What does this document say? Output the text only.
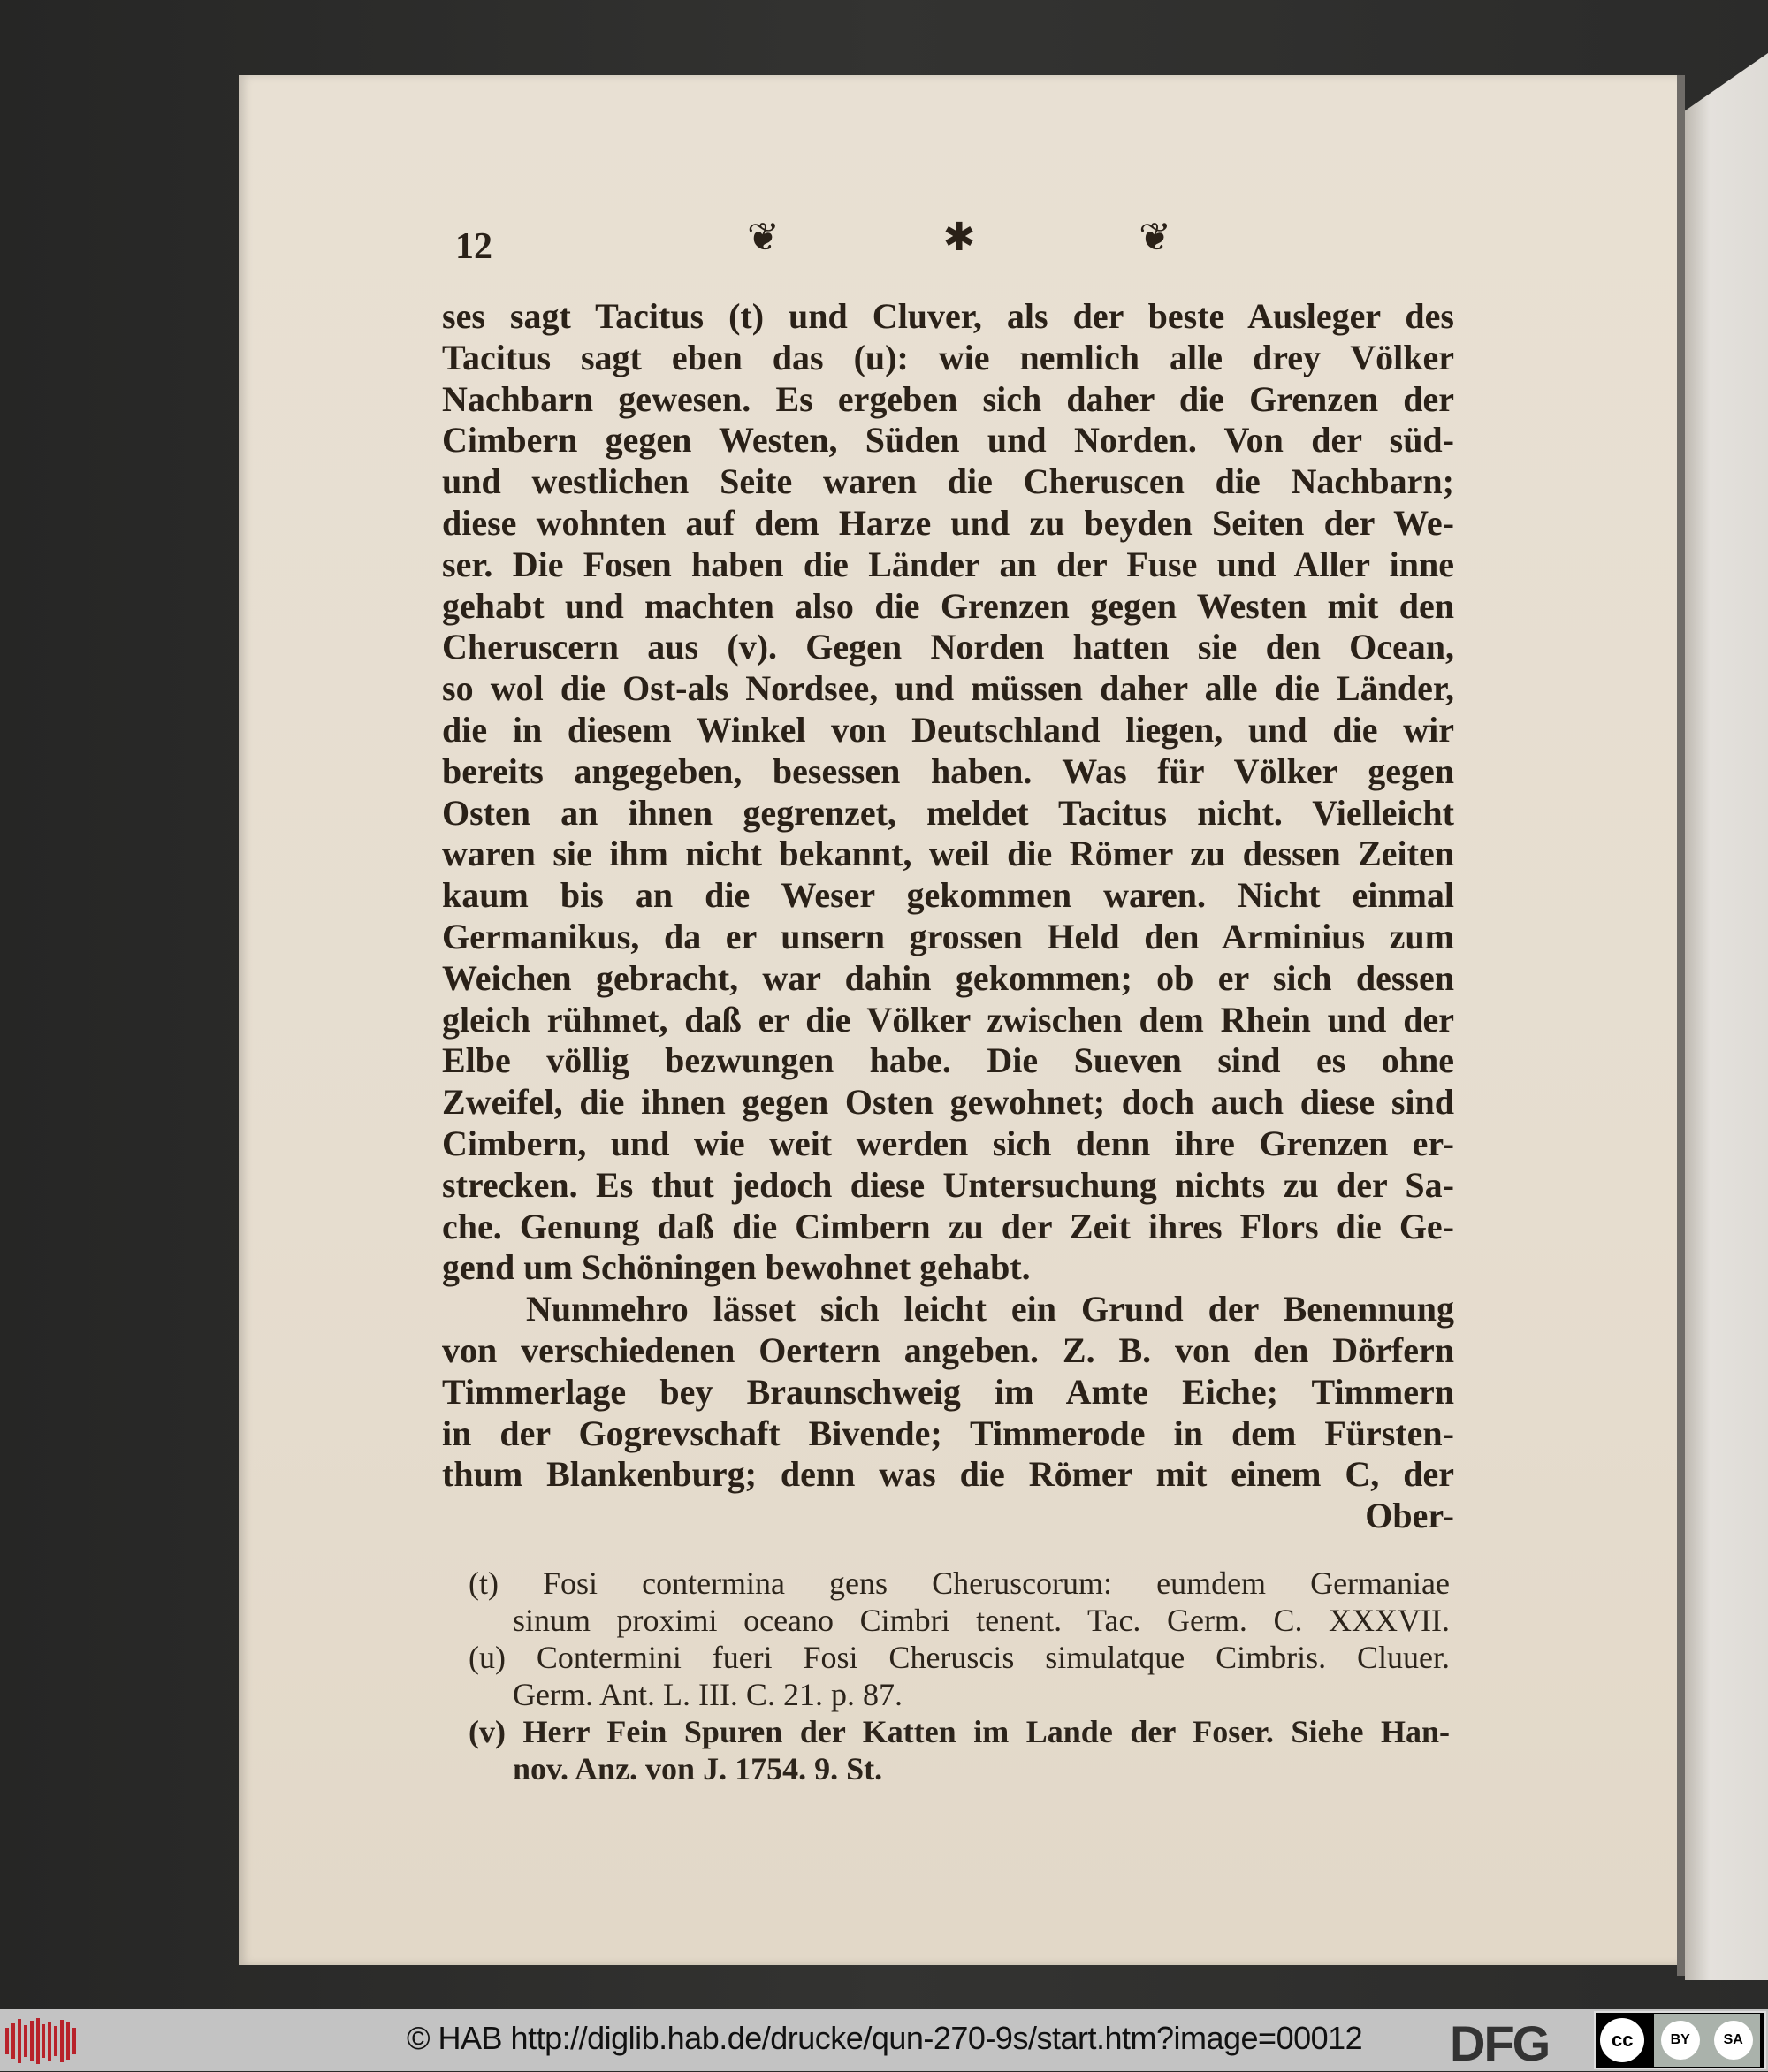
12	❦	✱	❦
ses sagt Tacitus (t) und Cluver, als der beste Ausleger des
Tacitus sagt eben das (u): wie nemlich alle drey Völker
Nachbarn gewesen. Es ergeben sich daher die Grenzen der
Cimbern gegen Westen, Süden und Norden. Von der süd-
und westlichen Seite waren die Cheruscen die Nachbarn;
diese wohnten auf dem Harze und zu beyden Seiten der We-
ser. Die Fosen haben die Länder an der Fuse und Aller inne
gehabt und machten also die Grenzen gegen Westen mit den
Cheruscern aus (v). Gegen Norden hatten sie den Ocean,
so wol die Ost-als Nordsee, und müssen daher alle die Länder,
die in diesem Winkel von Deutschland liegen, und die wir
bereits angegeben, besessen haben. Was für Völker gegen
Osten an ihnen gegrenzet, meldet Tacitus nicht. Vielleicht
waren sie ihm nicht bekannt, weil die Römer zu dessen Zeiten
kaum bis an die Weser gekommen waren. Nicht einmal
Germanikus, da er unsern grossen Held den Arminius zum
Weichen gebracht, war dahin gekommen; ob er sich dessen
gleich rühmet, daß er die Völker zwischen dem Rhein und der
Elbe völlig bezwungen habe. Die Sueven sind es ohne
Zweifel, die ihnen gegen Osten gewohnet; doch auch diese sind
Cimbern, und wie weit werden sich denn ihre Grenzen er-
strecken. Es thut jedoch diese Untersuchung nichts zu der Sa-
che. Genung daß die Cimbern zu der Zeit ihres Flors die Ge-
gend um Schöningen bewohnet gehabt.
Nunmehro lässet sich leicht ein Grund der Benennung
von verschiedenen Oertern angeben. Z. B. von den Dörfern
Timmerlage bey Braunschweig im Amte Eiche; Timmern
in der Gogrevschaft Bivende; Timmerode in dem Fürsten-
thum Blankenburg; denn was die Römer mit einem C, der
Ober-
(t) Fosi contermina gens Cheruscorum: eumdem Germaniae
sinum proximi oceano Cimbri tenent. Tac. Germ. C. XXXVII.
(u) Contermini fueri Fosi Cheruscis simulatque Cimbris. Cluuer.
Germ. Ant. L. III. C. 21. p. 87.
(v) Herr Fein Spuren der Katten im Lande der Foser. Siehe Han-
nov. Anz. von J. 1754. 9. St.
© HAB http://diglib.hab.de/drucke/qun-270-9s/start.htm?image=00012 DFG	cc	BY	SA
